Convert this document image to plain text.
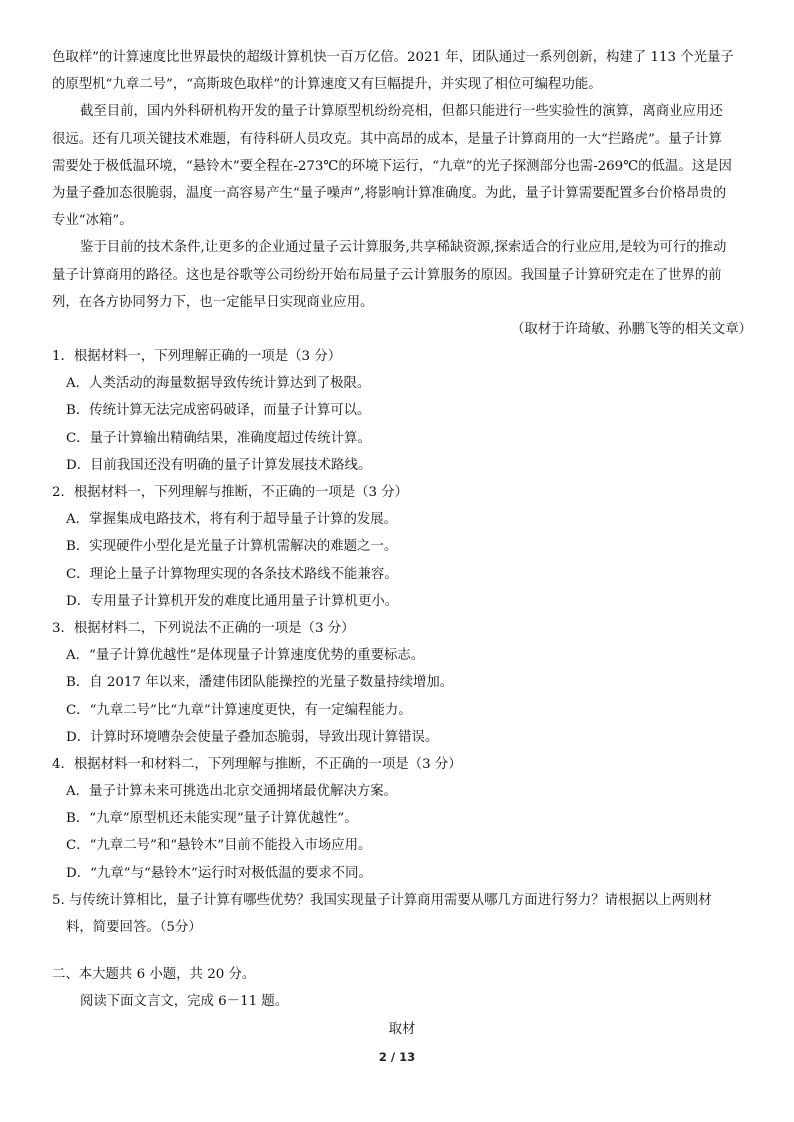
色取样”的计算速度比世界最快的超级计算机快一百万亿倍。2021 年，团队通过一系列创新，构建了 113 个光量子
的原型机“九章二号”，“高斯玻色取样”的计算速度又有巨幅提升，并实现了相位可编程功能。
截至目前，国内外科研机构开发的量子计算原型机纷纷亮相，但都只能进行一些实验性的演算，离商业应用还
很远。还有几项关键技术难题，有待科研人员攻克。其中高昂的成本，是量子计算商用的一大“拦路虎”。量子计算
需要处于极低温环境，“悬铃木”要全程在-273℃的环境下运行，“九章”的光子探测部分也需-269℃的低温。这是因
为量子叠加态很脆弱，温度一高容易产生“量子噪声”,将影响计算准确度。为此，量子计算需要配置多台价格昂贵的
专业“冰箱”。
鉴于目前的技术条件,让更多的企业通过量子云计算服务,共享稀缺资源,探索适合的行业应用,是较为可行的推动
量子计算商用的路径。这也是谷歌等公司纷纷开始布局量子云计算服务的原因。我国量子计算研究走在了世界的前
列，在各方协同努力下，也一定能早日实现商业应用。
（取材于许琦敏、孙鹏飞等的相关文章）
1．根据材料一，下列理解正确的一项是（3 分）
A．人类活动的海量数据导致传统计算达到了极限。
B．传统计算无法完成密码破译，而量子计算可以。
C．量子计算输出精确结果，准确度超过传统计算。
D．目前我国还没有明确的量子计算发展技术路线。
2．根据材料一，下列理解与推断，不正确的一项是（3 分）
A．掌握集成电路技术，将有利于超导量子计算的发展。
B．实现硬件小型化是光量子计算机需解决的难题之一。
C．理论上量子计算物理实现的各条技术路线不能兼容。
D．专用量子计算机开发的难度比通用量子计算机更小。
3．根据材料二，下列说法不正确的一项是（3 分）
A．“量子计算优越性”是体现量子计算速度优势的重要标志。
B．自 2017 年以来，潘建伟团队能操控的光量子数量持续增加。
C．“九章二号”比“九章”计算速度更快，有一定编程能力。
D．计算时环境嘈杂会使量子叠加态脆弱，导致出现计算错误。
4．根据材料一和材料二，下列理解与推断，不正确的一项是（3 分）
A．量子计算未来可挑选出北京交通拥堵最优解决方案。
B．“九章”原型机还未能实现“量子计算优越性”。
C．“九章二号”和“悬铃木”目前不能投入市场应用。
D．“九章”与“悬铃木”运行时对极低温的要求不同。
5. 与传统计算相比，量子计算有哪些优势？我国实现量子计算商用需要从哪几方面进行努力？请根据以上两则材
料，简要回答。（5分）
二、本大题共 6 小题，共 20 分。
阅读下面文言文，完成 6－11 题。
取材
2 / 13
